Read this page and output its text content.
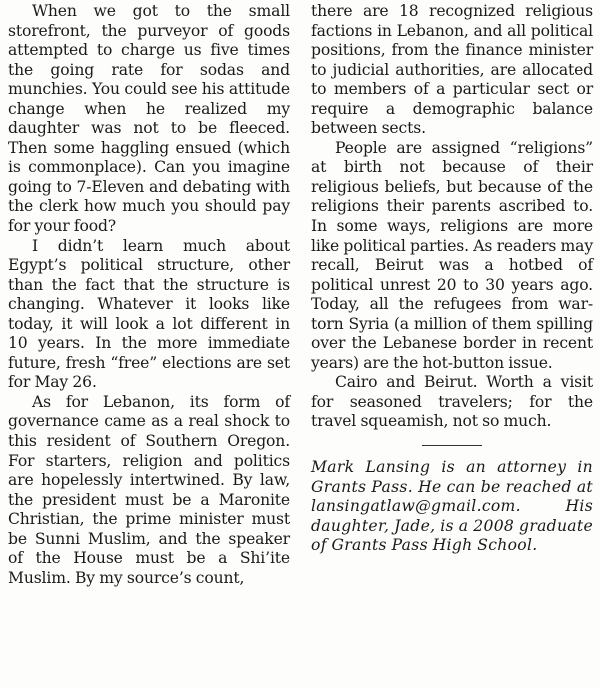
When we got to the small storefront, the purveyor of goods attempted to charge us five times the going rate for sodas and munchies. You could see his attitude change when he realized my daughter was not to be fleeced. Then some haggling ensued (which is commonplace). Can you imagine going to 7-Eleven and debating with the clerk how much you should pay for your food?

I didn’t learn much about Egypt’s political structure, other than the fact that the structure is changing. Whatever it looks like today, it will look a lot different in 10 years. In the more immediate future, fresh “free” elections are set for May 26.

As for Lebanon, its form of governance came as a real shock to this resident of Southern Oregon. For starters, religion and politics are hopelessly intertwined. By law, the president must be a Maronite Christian, the prime minister must be Sunni Muslim, and the speaker of the House must be a Shi’ite Muslim. By my source’s count,

there are 18 recognized religious factions in Lebanon, and all political positions, from the finance minister to judicial authorities, are allocated to members of a particular sect or require a demographic balance between sects.

People are assigned “religions” at birth not because of their religious beliefs, but because of the religions their parents ascribed to. In some ways, religions are more like political parties. As readers may recall, Beirut was a hotbed of political unrest 20 to 30 years ago. Today, all the refugees from war-torn Syria (a million of them spilling over the Lebanese border in recent years) are the hot-button issue.

Cairo and Beirut. Worth a visit for seasoned travelers; for the travel squeamish, not so much.

Mark Lansing is an attorney in Grants Pass. He can be reached at lansingatlaw@gmail.com. His daughter, Jade, is a 2008 graduate of Grants Pass High School.
